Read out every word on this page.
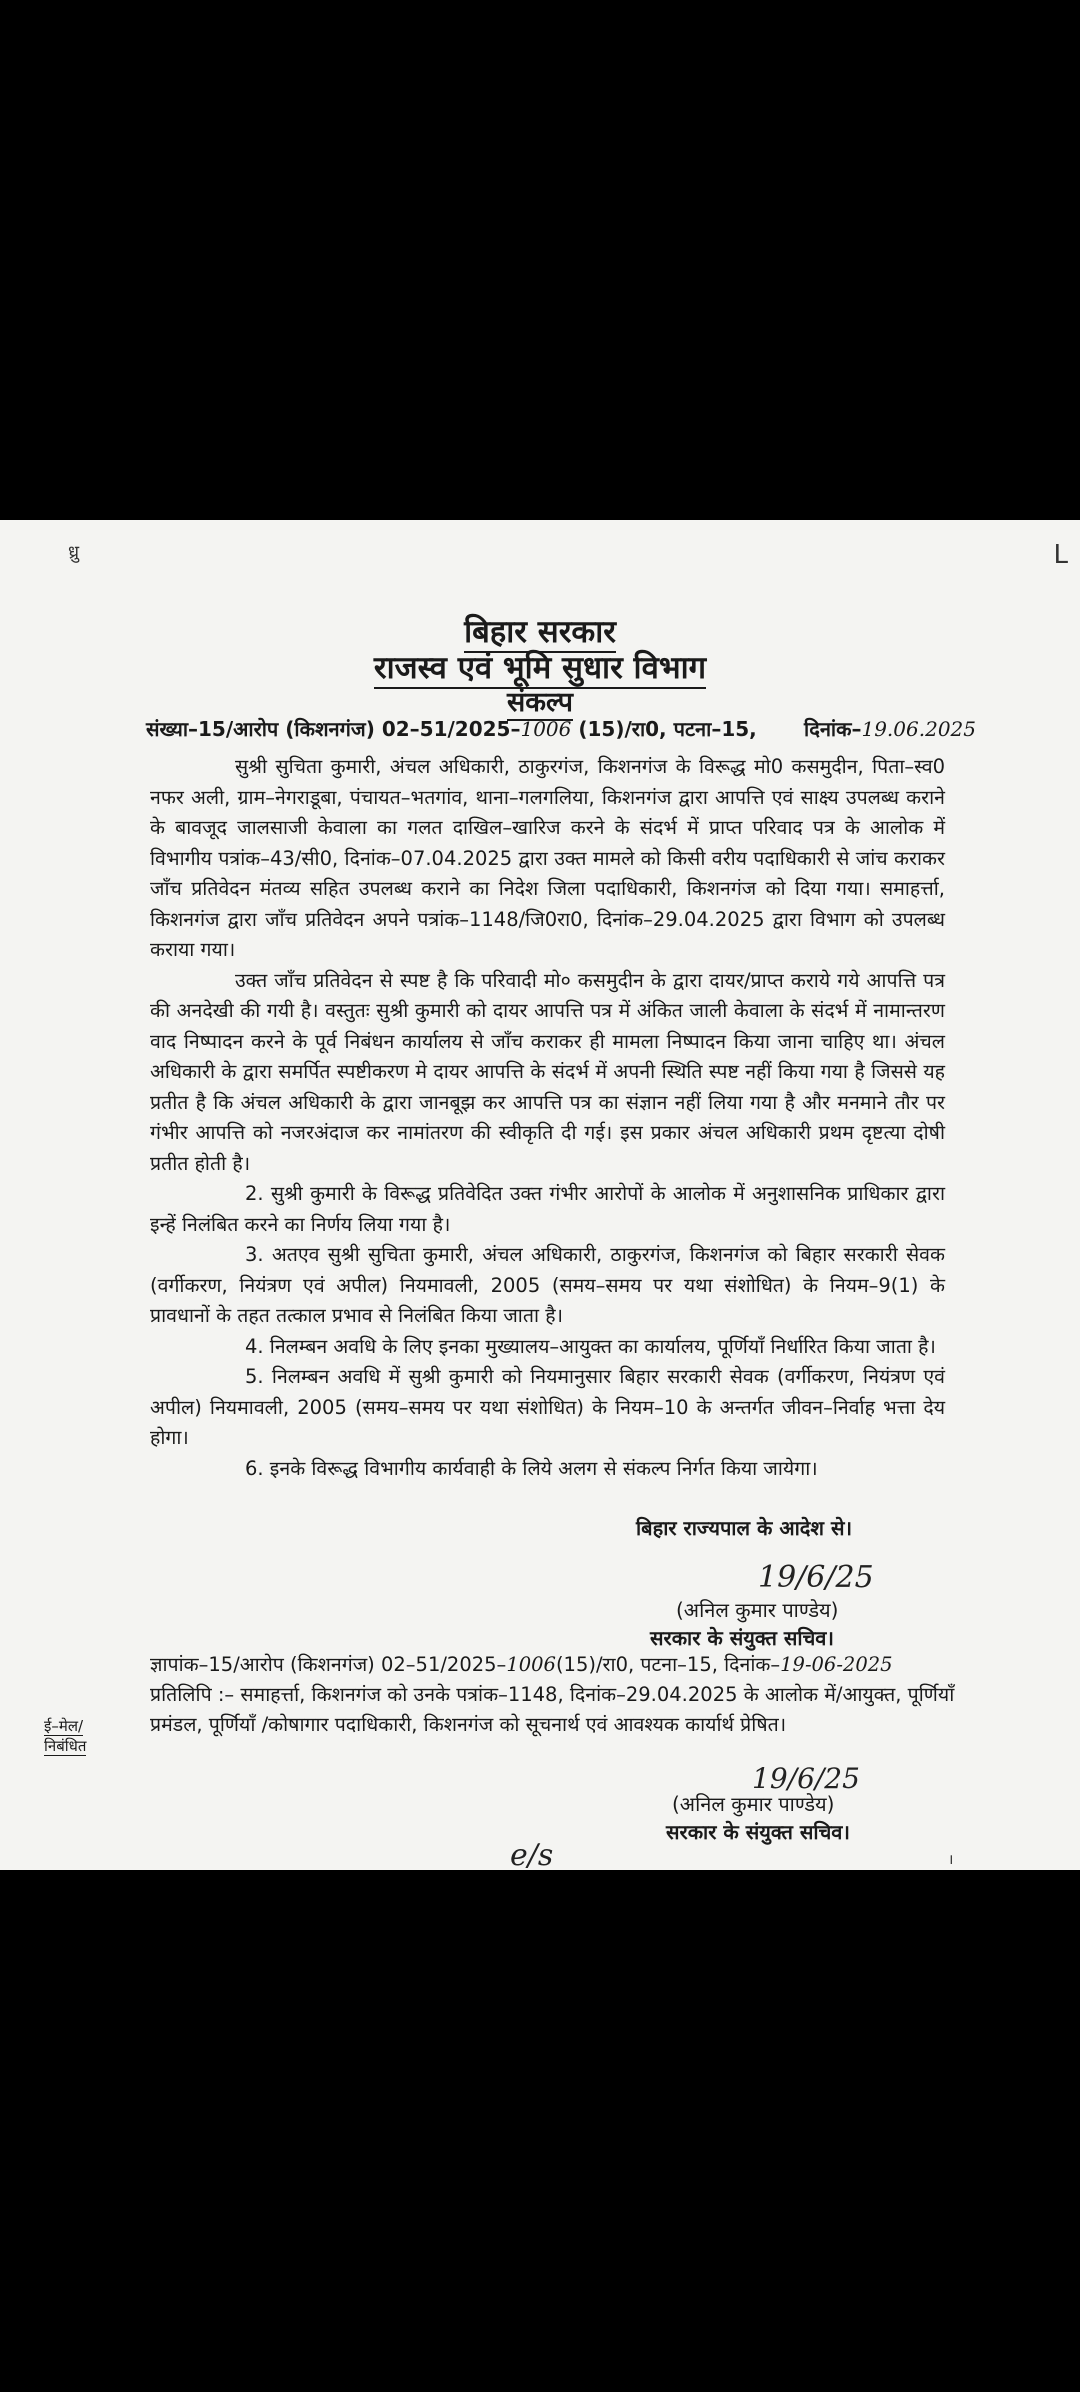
ध्रु	L
बिहार सरकार
राजस्व एवं भूमि सुधार विभाग
संकल्प
संख्या–15/आरोप (किशनगंज) 02–51/2025–1006 (15)/रा0, पटना–15, दिनांक–19.06.2025

सुश्री सुचिता कुमारी, अंचल अधिकारी, ठाकुरगंज, किशनगंज के विरूद्ध मो0 कसमुदीन, पिता–स्व0 नफर अली, ग्राम–नेगराडूबा, पंचायत–भतगांव, थाना–गलगलिया, किशनगंज द्वारा आपत्ति एवं साक्ष्य उपलब्ध कराने के बावजूद जालसाजी केवाला का गलत दाखिल–खारिज करने के संदर्भ में प्राप्त परिवाद पत्र के आलोक में विभागीय पत्रांक–43/सी0, दिनांक–07.04.2025 द्वारा उक्त मामले को किसी वरीय पदाधिकारी से जांच कराकर जाँच प्रतिवेदन मंतव्य सहित उपलब्ध कराने का निदेश जिला पदाधिकारी, किशनगंज को दिया गया। समाहर्त्ता, किशनगंज द्वारा जाँच प्रतिवेदन अपने पत्रांक–1148/जि0रा0, दिनांक–29.04.2025 द्वारा विभाग को उपलब्ध कराया गया।

उक्त जाँच प्रतिवेदन से स्पष्ट है कि परिवादी मो० कसमुदीन के द्वारा दायर/प्राप्त कराये गये आपत्ति पत्र की अनदेखी की गयी है। वस्तुतः सुश्री कुमारी को दायर आपत्ति पत्र में अंकित जाली केवाला के संदर्भ में नामान्तरण वाद निष्पादन करने के पूर्व निबंधन कार्यालय से जाँच कराकर ही मामला निष्पादन किया जाना चाहिए था। अंचल अधिकारी के द्वारा समर्पित स्पष्टीकरण मे दायर आपत्ति के संदर्भ में अपनी स्थिति स्पष्ट नहीं किया गया है जिससे यह प्रतीत है कि अंचल अधिकारी के द्वारा जानबूझ कर आपत्ति पत्र का संज्ञान नहीं लिया गया है और मनमाने तौर पर गंभीर आपत्ति को नजरअंदाज कर नामांतरण की स्वीकृति दी गई। इस प्रकार अंचल अधिकारी प्रथम दृष्टत्या दोषी प्रतीत होती है।

2. सुश्री कुमारी के विरूद्ध प्रतिवेदित उक्त गंभीर आरोपों के आलोक में अनुशासनिक प्राधिकार द्वारा इन्हें निलंबित करने का निर्णय लिया गया है।

3. अतएव सुश्री सुचिता कुमारी, अंचल अधिकारी, ठाकुरगंज, किशनगंज को बिहार सरकारी सेवक (वर्गीकरण, नियंत्रण एवं अपील) नियमावली, 2005 (समय–समय पर यथा संशोधित) के नियम–9(1) के प्रावधानों के तहत तत्काल प्रभाव से निलंबित किया जाता है।

4. निलम्बन अवधि के लिए इनका मुख्यालय–आयुक्त का कार्यालय, पूर्णियाँ निर्धारित किया जाता है।

5. निलम्बन अवधि में सुश्री कुमारी को नियमानुसार बिहार सरकारी सेवक (वर्गीकरण, नियंत्रण एवं अपील) नियमावली, 2005 (समय–समय पर यथा संशोधित) के नियम–10 के अन्तर्गत जीवन–निर्वाह भत्ता देय होगा।

6. इनके विरूद्ध विभागीय कार्यवाही के लिये अलग से संकल्प निर्गत किया जायेगा।

बिहार राज्यपाल के आदेश से।
19/6/25
(अनिल कुमार पाण्डेय)
सरकार के संयुक्त सचिव।
ज्ञापांक–15/आरोप (किशनगंज) 02–51/2025–1006(15)/रा0, पटना–15, दिनांक–19-06-2025
प्रतिलिपि :– समाहर्त्ता, किशनगंज को उनके पत्रांक–1148, दिनांक–29.04.2025 के आलोक में/आयुक्त, पूर्णियाँ प्रमंडल, पूर्णियाँ /कोषागार पदाधिकारी, किशनगंज को सूचनार्थ एवं आवश्यक कार्यार्थ प्रेषित।
ई–मेल/
निबंधित
19/6/25
(अनिल कुमार पाण्डेय)
सरकार के संयुक्त सचिव।
e/s	।
